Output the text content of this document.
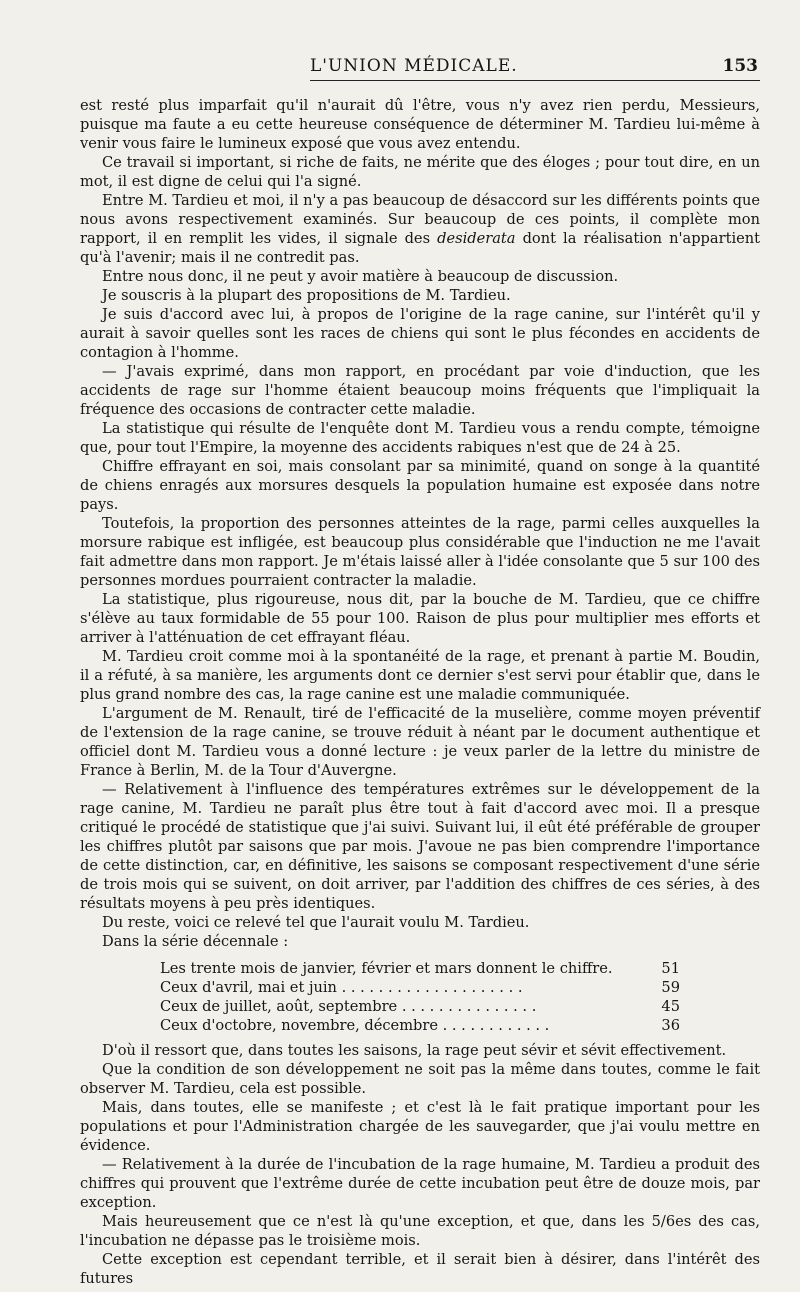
L'UNION MÉDICALE.	153

est resté plus imparfait qu'il n'aurait dû l'être, vous n'y avez rien perdu, Messieurs, puisque ma faute a eu cette heureuse conséquence de déterminer M. Tardieu lui-même à venir vous faire le lumineux exposé que vous avez entendu.

Ce travail si important, si riche de faits, ne mérite que des éloges ; pour tout dire, en un mot, il est digne de celui qui l'a signé.

Entre M. Tardieu et moi, il n'y a pas beaucoup de désaccord sur les différents points que nous avons respectivement examinés. Sur beaucoup de ces points, il complète mon rapport, il en remplit les vides, il signale des desiderata dont la réalisation n'appartient qu'à l'avenir; mais il ne contredit pas.

Entre nous donc, il ne peut y avoir matière à beaucoup de discussion.

Je souscris à la plupart des propositions de M. Tardieu.

Je suis d'accord avec lui, à propos de l'origine de la rage canine, sur l'intérêt qu'il y aurait à savoir quelles sont les races de chiens qui sont le plus fécondes en accidents de contagion à l'homme.

— J'avais exprimé, dans mon rapport, en procédant par voie d'induction, que les accidents de rage sur l'homme étaient beaucoup moins fréquents que l'impliquait la fréquence des occasions de contracter cette maladie.

La statistique qui résulte de l'enquête dont M. Tardieu vous a rendu compte, témoigne que, pour tout l'Empire, la moyenne des accidents rabiques n'est que de 24 à 25.

Chiffre effrayant en soi, mais consolant par sa minimité, quand on songe à la quantité de chiens enragés aux morsures desquels la population humaine est exposée dans notre pays.

Toutefois, la proportion des personnes atteintes de la rage, parmi celles auxquelles la morsure rabique est infligée, est beaucoup plus considérable que l'induction ne me l'avait fait admettre dans mon rapport. Je m'étais laissé aller à l'idée consolante que 5 sur 100 des personnes mordues pourraient contracter la maladie.

La statistique, plus rigoureuse, nous dit, par la bouche de M. Tardieu, que ce chiffre s'élève au taux formidable de 55 pour 100. Raison de plus pour multiplier mes efforts et arriver à l'atténuation de cet effrayant fléau.

M. Tardieu croit comme moi à la spontanéité de la rage, et prenant à partie M. Boudin, il a réfuté, à sa manière, les arguments dont ce dernier s'est servi pour établir que, dans le plus grand nombre des cas, la rage canine est une maladie communiquée.

L'argument de M. Renault, tiré de l'efficacité de la muselière, comme moyen préventif de l'extension de la rage canine, se trouve réduit à néant par le document authentique et officiel dont M. Tardieu vous a donné lecture : je veux parler de la lettre du ministre de France à Berlin, M. de la Tour d'Auvergne.

— Relativement à l'influence des températures extrêmes sur le développement de la rage canine, M. Tardieu ne paraît plus être tout à fait d'accord avec moi. Il a presque critiqué le procédé de statistique que j'ai suivi. Suivant lui, il eût été préférable de grouper les chiffres plutôt par saisons que par mois. J'avoue ne pas bien comprendre l'importance de cette distinction, car, en définitive, les saisons se composant respectivement d'une série de trois mois qui se suivent, on doit arriver, par l'addition des chiffres de ces séries, à des résultats moyens à peu près identiques.

Du reste, voici ce relevé tel que l'aurait voulu M. Tardieu.

Dans la série décennale :

Les trente mois de janvier, février et mars donnent le chiffre.	51
Ceux d'avril, mai et juin . . . . . . . . . . . . . . . . . . . .	59
Ceux de juillet, août, septembre . . . . . . . . . . . . . . .	45
Ceux d'octobre, novembre, décembre . . . . . . . . . . . .	36

D'où il ressort que, dans toutes les saisons, la rage peut sévir et sévit effectivement.

Que la condition de son développement ne soit pas la même dans toutes, comme le fait observer M. Tardieu, cela est possible.

Mais, dans toutes, elle se manifeste ; et c'est là le fait pratique important pour les populations et pour l'Administration chargée de les sauvegarder, que j'ai voulu mettre en évidence.

— Relativement à la durée de l'incubation de la rage humaine, M. Tardieu a produit des chiffres qui prouvent que l'extrême durée de cette incubation peut être de douze mois, par exception.

Mais heureusement que ce n'est là qu'une exception, et que, dans les 5/6es des cas, l'incubation ne dépasse pas le troisième mois.

Cette exception est cependant terrible, et il serait bien à désirer, dans l'intérêt des futures
